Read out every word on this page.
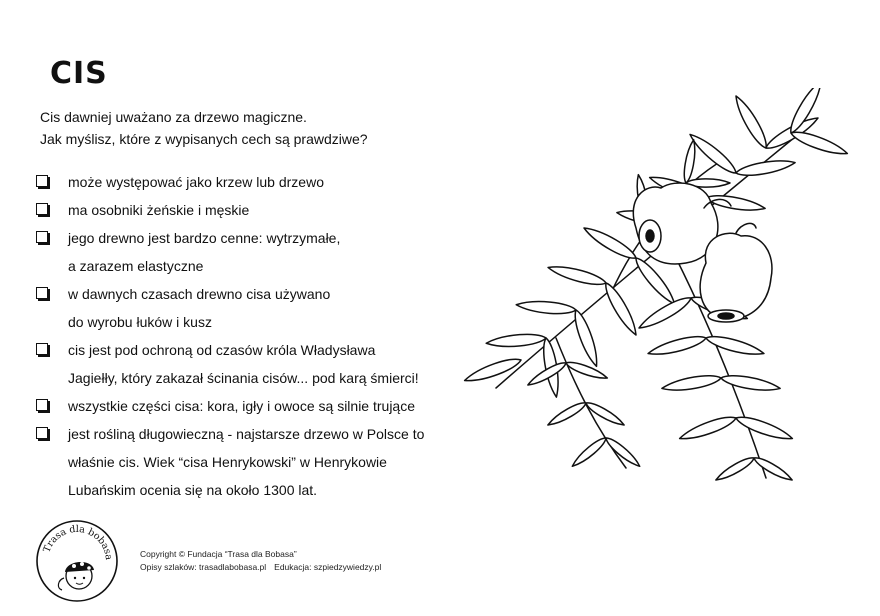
CIS

Cis dawniej uważano za drzewo magiczne.

Jak myślisz, które z wypisanych cech są prawdziwe?

może występować jako krzew lub drzewo
ma osobniki żeńskie i męskie
jego drewno jest bardzo cenne: wytrzymałe,
a zarazem elastyczne
w dawnych czasach drewno cisa używano
do wyrobu łuków i kusz
cis jest pod ochroną od czasów króla Władysława
Jagiełły, który zakazał ścinania cisów... pod karą śmierci!
wszystkie części cisa: kora, igły i owoce są silnie trujące
jest rośliną długowieczną - najstarsze drzewo w Polsce to
właśnie cis. Wiek “cisa Henrykowski” w Henrykowie
Lubańskim ocenia się na około 1300 lat.
Trasa dla bobasa	Copyright © Fundacja “Trasa dla Bobasa”
Opisy szlaków: trasadlabobasa.pl Edukacja: szpiedzywiedzy.pl
